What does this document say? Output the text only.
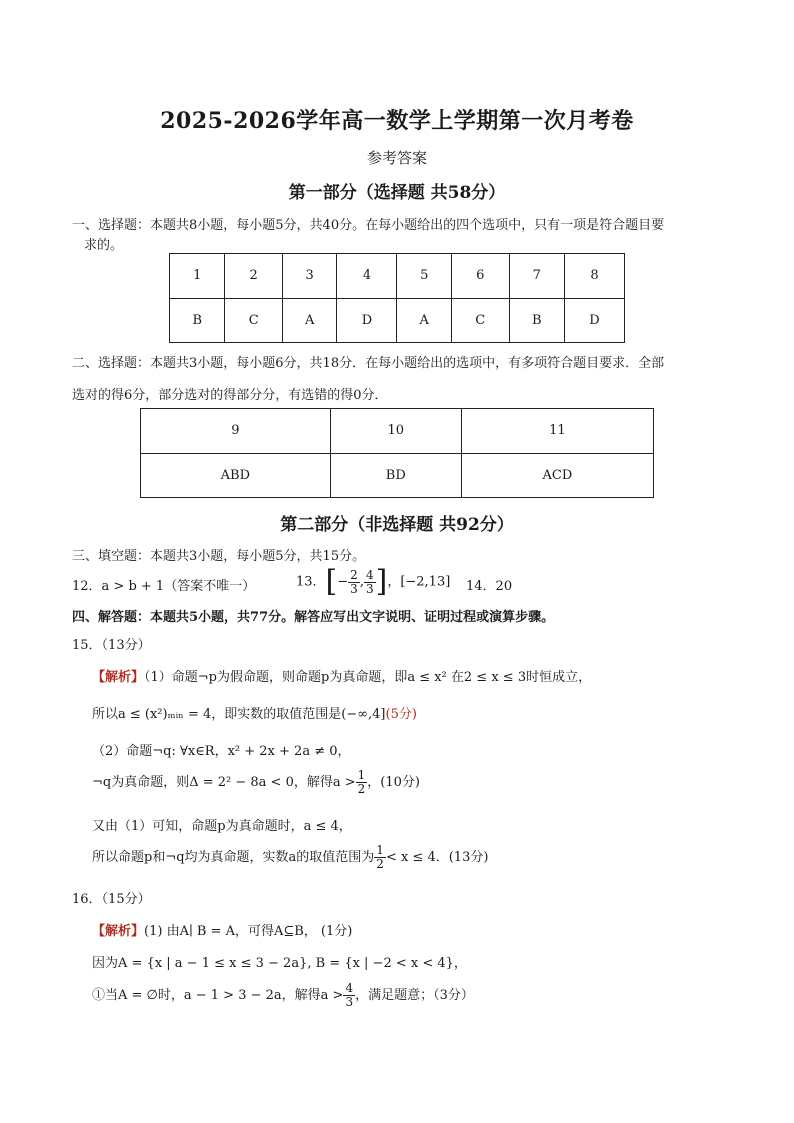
2025-2026学年高一数学上学期第一次月考卷
参考答案
第一部分（选择题 共58分）
一、选择题：本题共8小题，每小题5分，共40分。在每小题给出的四个选项中，只有一项是符合题目要
求的。
1	2	3	4	5	6	7	8
B	C	A	D	A	C	B	D
二、选择题：本题共3小题，每小题6分，共18分．在每小题给出的选项中，有多项符合题目要求．全部
选对的得6分，部分选对的得部分分，有选错的得0分．
9	10	11
ABD	BD	ACD
第二部分（非选择题 共92分）
三、填空题：本题共3小题，每小题5分，共15分。
12．a > b + 1（答案不唯一）	13．[− $\frac{2}{3}$ , $\frac{4}{3}$ ]，[−2,13] 14．20
四、解答题：本题共5小题，共77分。解答应写出文字说明、证明过程或演算步骤。
15．（13分）
【解析】（1）命题¬p为假命题，则命题p为真命题，即a ≤ x² 在2 ≤ x ≤ 3时恒成立，
所以a ≤ (x²)ₘᵢₙ = 4，即实数的取值范围是(−∞,4](5分)
（2）命题¬q: ∀x∈R，x² + 2x + 2a ≠ 0，
¬q为真命题，则Δ = 2² − 8a < 0，解得$a > \frac{1}{2}$ ，(10分)
又由（1）可知，命题p为真命题时，a ≤ 4，
所以命题p和¬q均为真命题，实数a的取值范围为 $\frac{1}{2} < x \le 4$．(13分)
16．（15分）
【解析】(1) 由A∣ B = A，可得A⊆B， (1分)
因为A = {x | a − 1 ≤ x ≤ 3 − 2a}, B = {x | −2 < x < 4}，
①当A = ∅时，a − 1 > 3 − 2a，解得$a > \frac{4}{3}$ ，满足题意；（3分）
